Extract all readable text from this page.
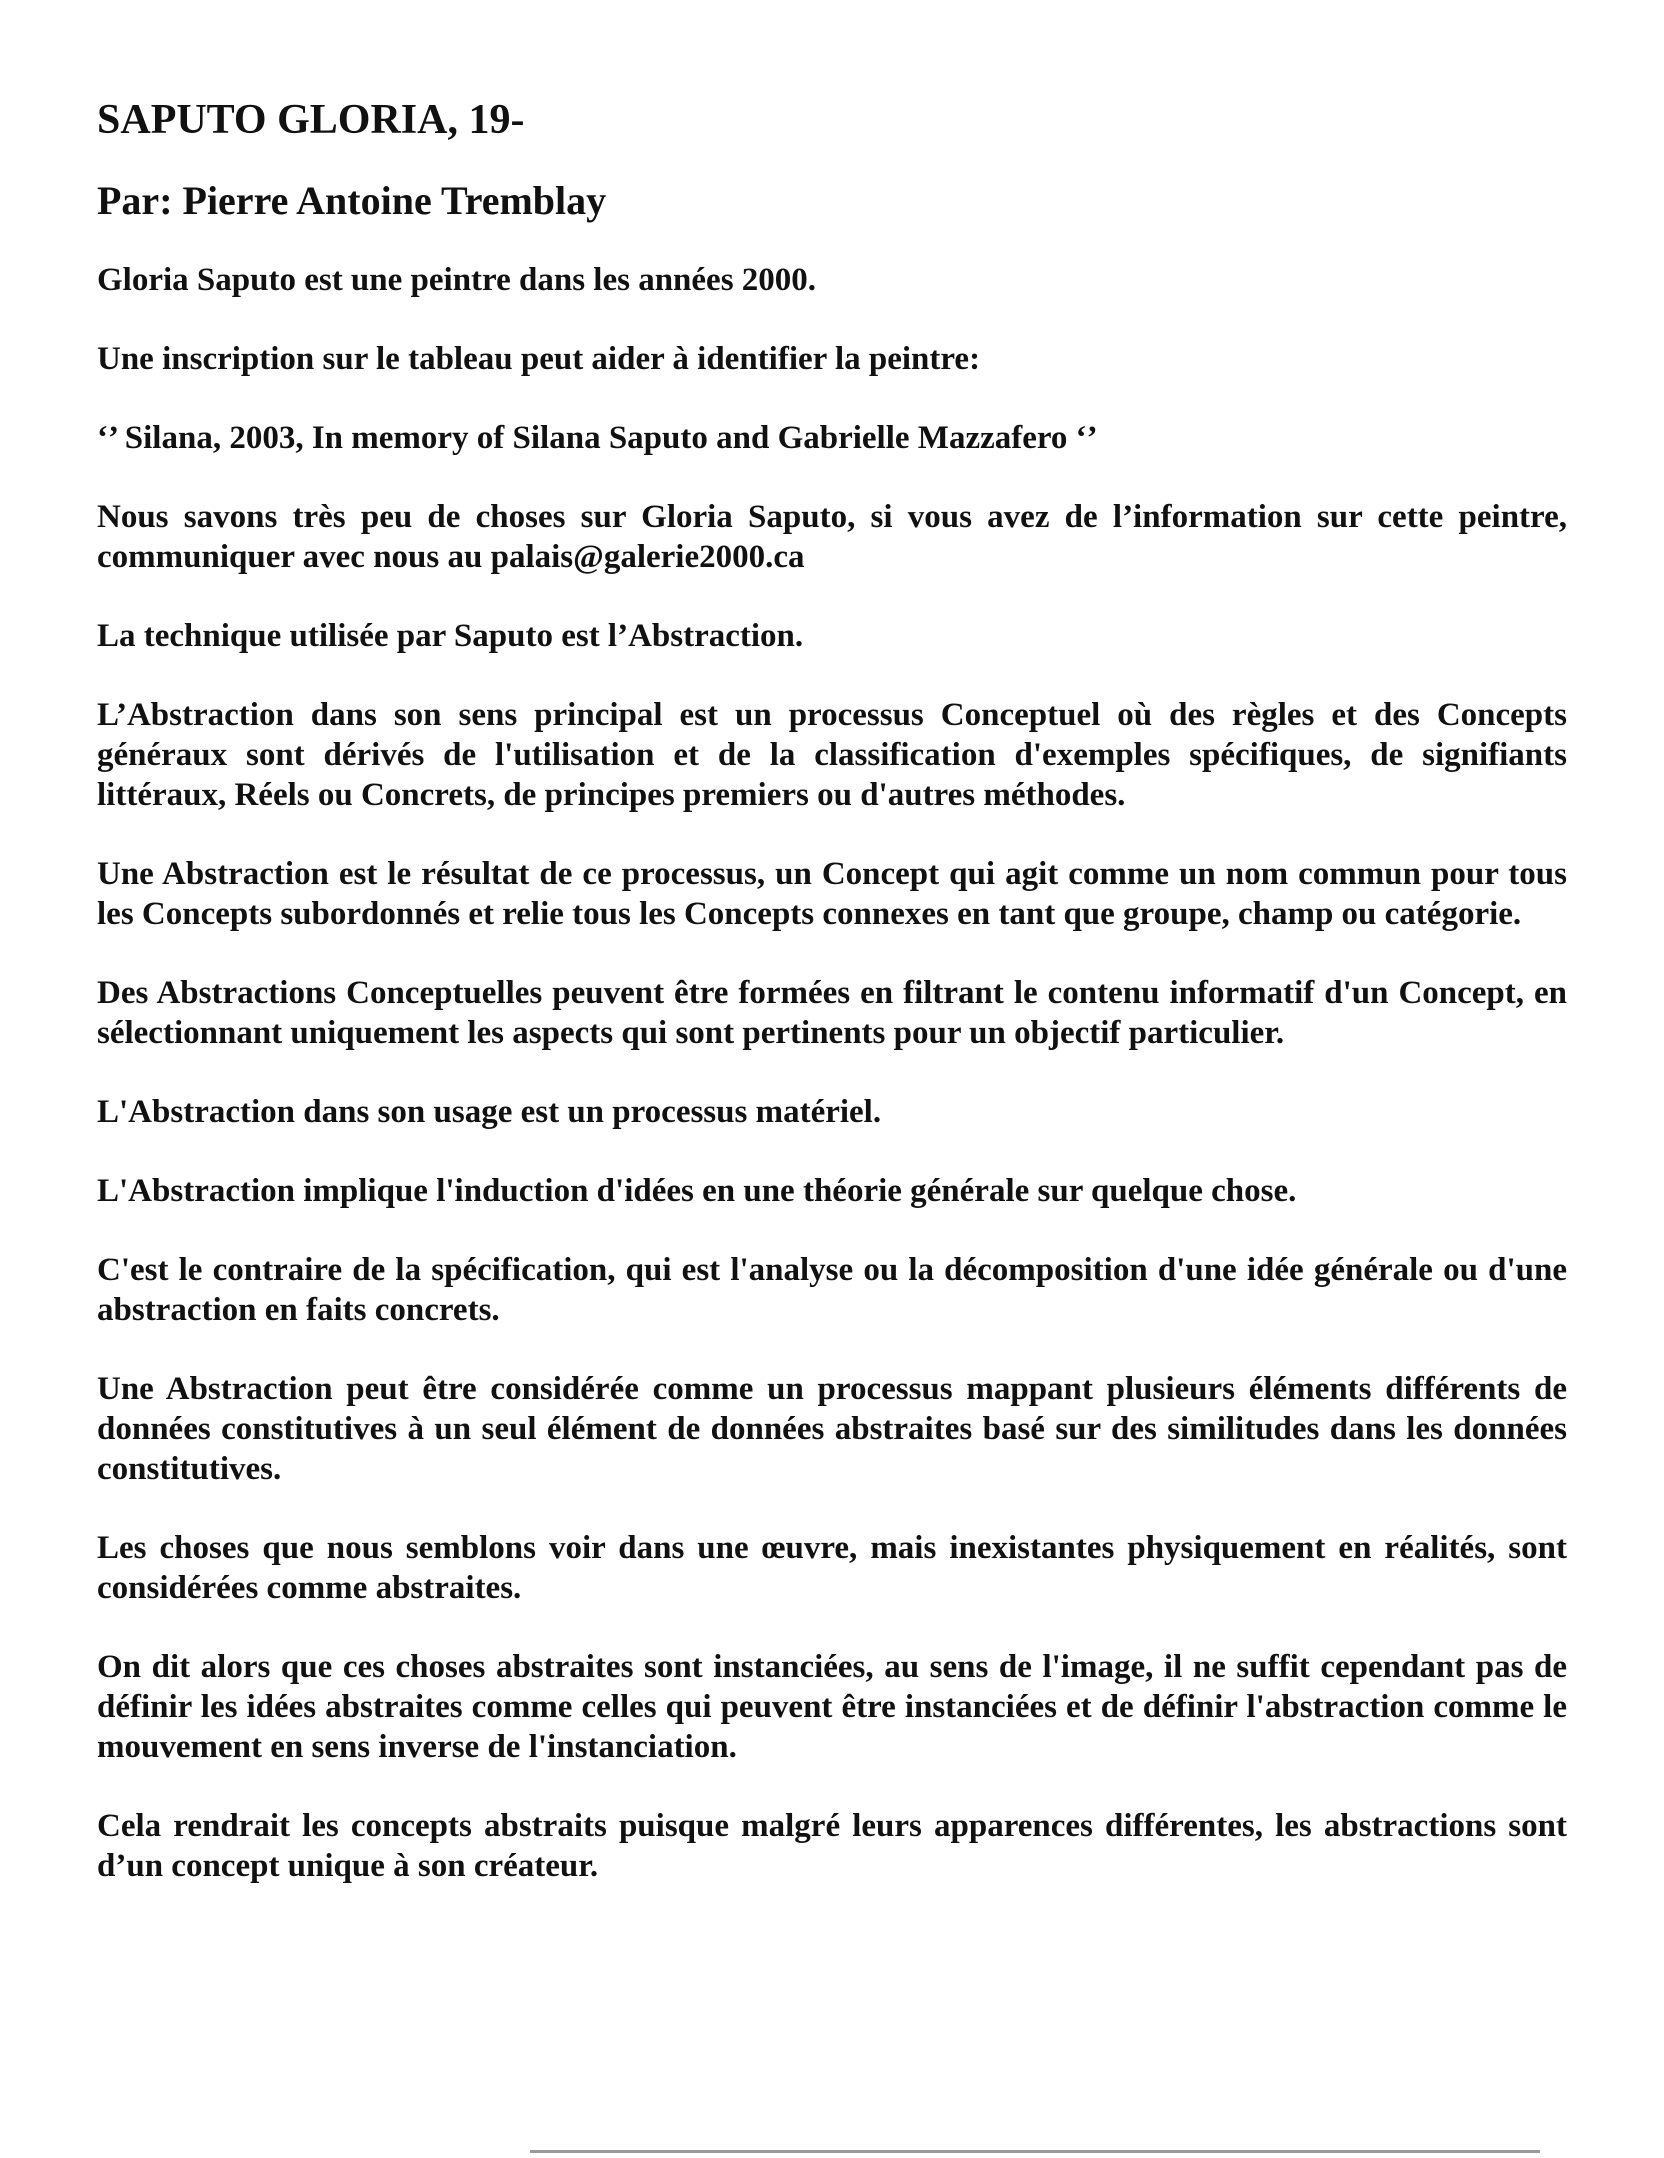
SAPUTO GLORIA, 19-
Par: Pierre Antoine Tremblay

Gloria Saputo est une peintre dans les années 2000.

Une inscription sur le tableau peut aider à identifier la peintre:

‘’ Silana, 2003, In memory of Silana Saputo and Gabrielle Mazzafero ‘’

Nous savons très peu de choses sur Gloria Saputo, si vous avez de l’information sur cette peintre, communiquer avec nous au palais@galerie2000.ca

La technique utilisée par Saputo est l’Abstraction.

L’Abstraction dans son sens principal est un processus Conceptuel où des règles et des Concepts généraux sont dérivés de l'utilisation et de la classification d'exemples spécifiques, de signifiants littéraux, Réels ou Concrets, de principes premiers ou d'autres méthodes.

Une Abstraction est le résultat de ce processus, un Concept qui agit comme un nom commun pour tous les Concepts subordonnés et relie tous les Concepts connexes en tant que groupe, champ ou catégorie.

Des Abstractions Conceptuelles peuvent être formées en filtrant le contenu informatif d'un Concept, en sélectionnant uniquement les aspects qui sont pertinents pour un objectif particulier.

L'Abstraction dans son usage est un processus matériel.

L'Abstraction implique l'induction d'idées en une théorie générale sur quelque chose.

C'est le contraire de la spécification, qui est l'analyse ou la décomposition d'une idée générale ou d'une abstraction en faits concrets.

Une Abstraction peut être considérée comme un processus mappant plusieurs éléments différents de données constitutives à un seul élément de données abstraites basé sur des similitudes dans les données constitutives.

Les choses que nous semblons voir dans une œuvre, mais inexistantes physiquement en réalités, sont considérées comme abstraites.

On dit alors que ces choses abstraites sont instanciées, au sens de l'image, il ne suffit cependant pas de définir les idées abstraites comme celles qui peuvent être instanciées et de définir l'abstraction comme le mouvement en sens inverse de l'instanciation.

Cela rendrait les concepts abstraits puisque malgré leurs apparences différentes, les abstractions sont d’un concept unique à son créateur.
